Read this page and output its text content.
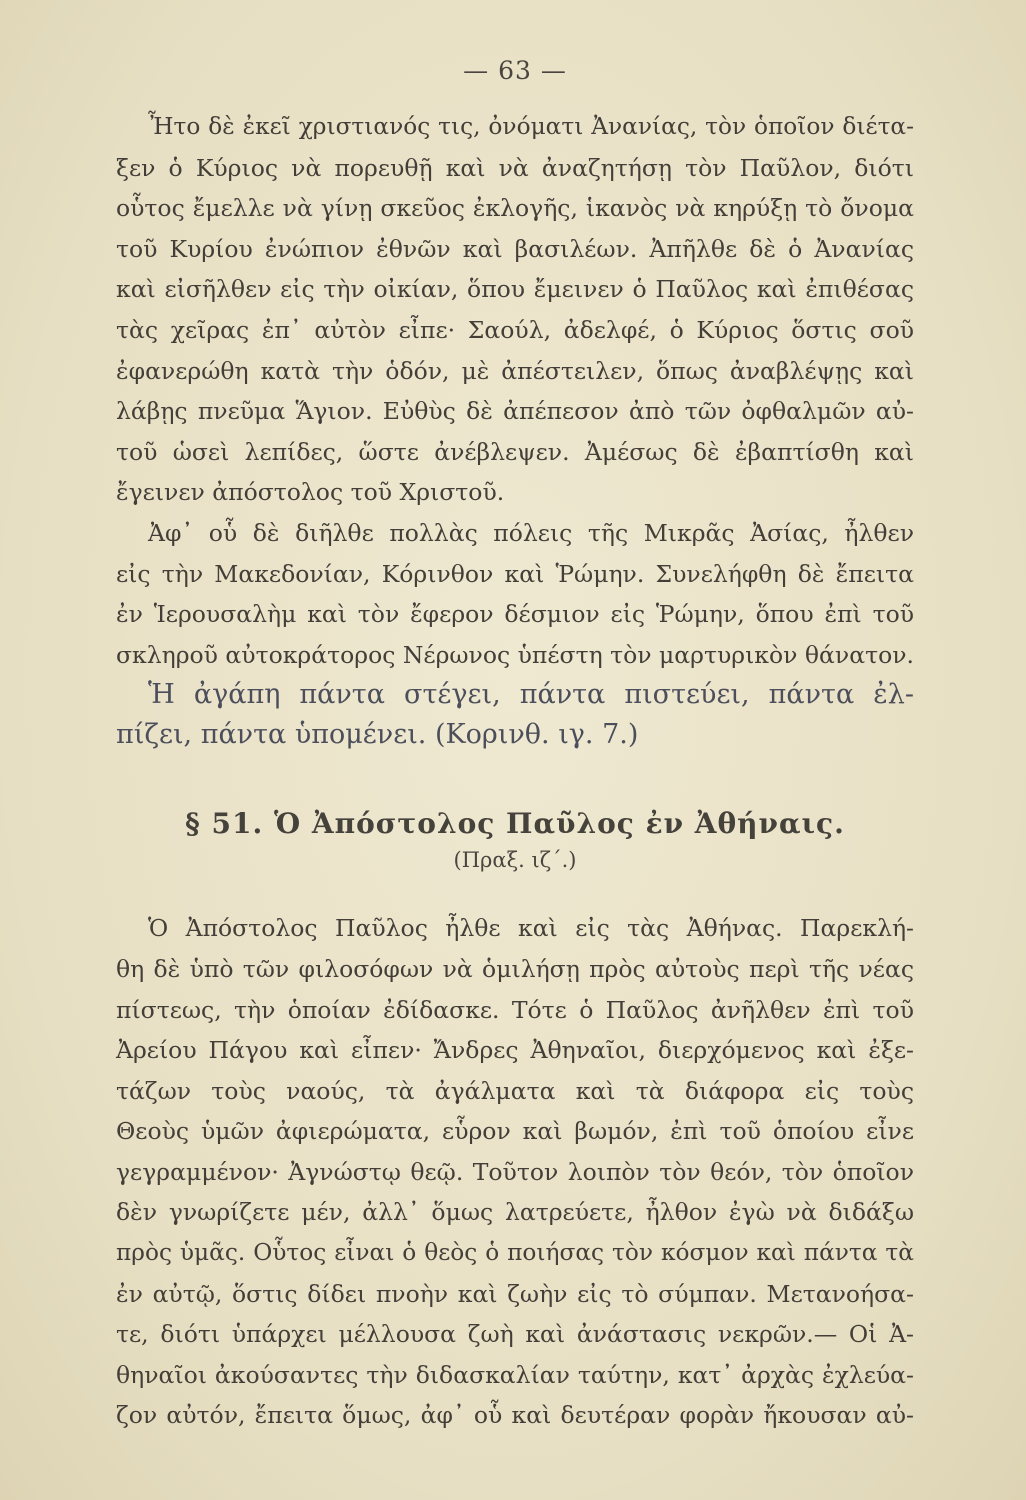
— 63 —

Ἦτο δὲ ἐκεῖ χριστιανός τις, ὀνόματι Ἀνανίας, τὸν ὁποῖον διέτα-
ξεν ὁ Κύριος νὰ πορευθῇ καὶ νὰ ἀναζητήσῃ τὸν Παῦλον, διότι
οὗτος ἔμελλε νὰ γίνῃ σκεῦος ἐκλογῆς, ἱκανὸς νὰ κηρύξῃ τὸ ὄνομα
τοῦ Κυρίου ἐνώπιον ἐθνῶν καὶ βασιλέων. Ἀπῆλθε δὲ ὁ Ἀνανίας
καὶ εἰσῆλθεν εἰς τὴν οἰκίαν, ὅπου ἔμεινεν ὁ Παῦλος καὶ ἐπιθέσας
τὰς χεῖρας ἐπ᾽ αὐτὸν εἶπε· Σαούλ, ἀδελφέ, ὁ Κύριος ὅστις σοῦ
ἐφανερώθη κατὰ τὴν ὁδόν, μὲ ἀπέστειλεν, ὅπως ἀναβλέψῃς καὶ
λάβῃς πνεῦμα Ἅγιον. Εὐθὺς δὲ ἀπέπεσον ἀπὸ τῶν ὀφθαλμῶν αὐ-
τοῦ ὡσεὶ λεπίδες, ὥστε ἀνέβλεψεν. Ἀμέσως δὲ ἐβαπτίσθη καὶ
ἔγεινεν ἀπόστολος τοῦ Χριστοῦ.

Ἀφ᾽ οὗ δὲ διῆλθε πολλὰς πόλεις τῆς Μικρᾶς Ἀσίας, ἦλθεν
εἰς τὴν Μακεδονίαν, Κόρινθον καὶ Ῥώμην. Συνελήφθη δὲ ἔπειτα
ἐν Ἱερουσαλὴμ καὶ τὸν ἔφερον δέσμιον εἰς Ῥώμην, ὅπου ἐπὶ τοῦ
σκληροῦ αὐτοκράτορος Νέρωνος ὑπέστη τὸν μαρτυρικὸν θάνατον.

Ἡ ἀγάπη πάντα στέγει, πάντα πιστεύει, πάντα ἐλ-
πίζει, πάντα ὑπομένει. (Κορινθ. ιγ. 7.)

§ 51. Ὁ Ἀπόστολος Παῦλος ἐν Ἀθήναις.
(Πραξ. ιζ΄.)

Ὁ Ἀπόστολος Παῦλος ἦλθε καὶ εἰς τὰς Ἀθήνας. Παρεκλή-
θη δὲ ὑπὸ τῶν φιλοσόφων νὰ ὁμιλήσῃ πρὸς αὐτοὺς περὶ τῆς νέας
πίστεως, τὴν ὁποίαν ἐδίδασκε. Τότε ὁ Παῦλος ἀνῆλθεν ἐπὶ τοῦ
Ἀρείου Πάγου καὶ εἶπεν· Ἄνδρες Ἀθηναῖοι, διερχόμενος καὶ ἐξε-
τάζων τοὺς ναούς, τὰ ἀγάλματα καὶ τὰ διάφορα εἰς τοὺς
Θεοὺς ὑμῶν ἀφιερώματα, εὗρον καὶ βωμόν, ἐπὶ τοῦ ὁποίου εἶνε
γεγραμμένον· Ἀγνώστῳ θεῷ. Τοῦτον λοιπὸν τὸν θεόν, τὸν ὁποῖον
δὲν γνωρίζετε μέν, ἀλλ᾽ ὅμως λατρεύετε, ἦλθον ἐγὼ νὰ διδάξω
πρὸς ὑμᾶς. Οὗτος εἶναι ὁ θεὸς ὁ ποιήσας τὸν κόσμον καὶ πάντα τὰ
ἐν αὐτῷ, ὅστις δίδει πνοὴν καὶ ζωὴν εἰς τὸ σύμπαν. Μετανοήσα-
τε, διότι ὑπάρχει μέλλουσα ζωὴ καὶ ἀνάστασις νεκρῶν.— Οἱ Ἀ-
θηναῖοι ἀκούσαντες τὴν διδασκαλίαν ταύτην, κατ᾽ ἀρχὰς ἐχλεύα-
ζον αὐτόν, ἔπειτα ὅμως, ἀφ᾽ οὗ καὶ δευτέραν φορὰν ἤκουσαν αὐ-
